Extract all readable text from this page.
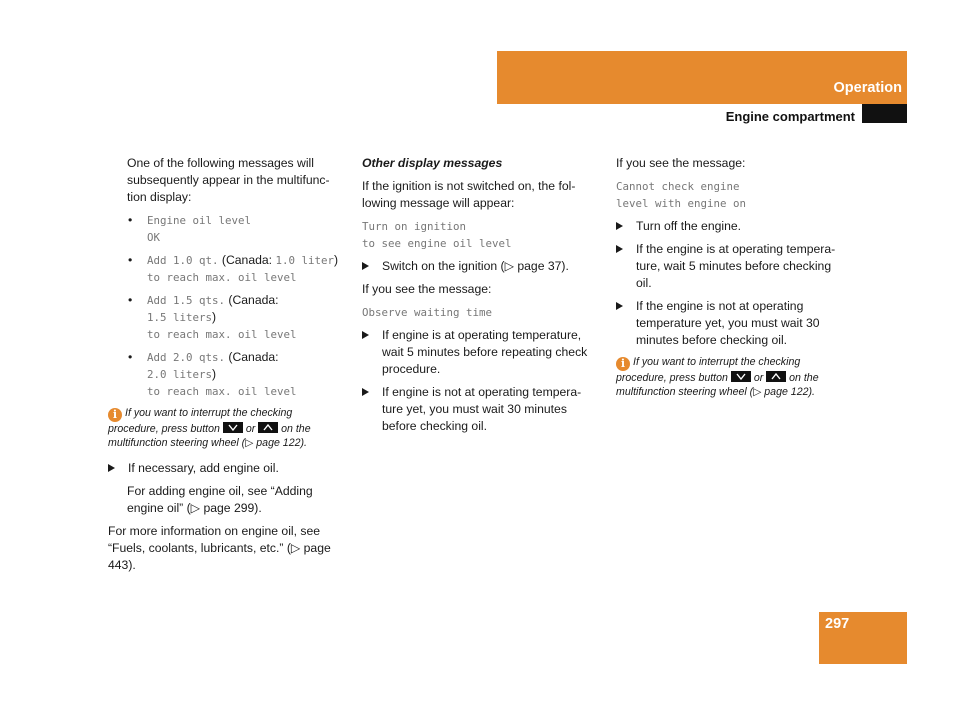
Operation
Engine compartment

One of the following messages will subsequently appear in the multifunc-tion display:

• Engine oil level
OK
• Add 1.0 qt. (Canada: 1.0 liter)
to reach max. oil level
• Add 1.5 qts. (Canada:
1.5 liters)
to reach max. oil level
• Add 2.0 qts. (Canada:
2.0 liters)
to reach max. oil level
i If you want to interrupt the checking procedure, press button or on the multifunction steering wheel (▷ page 122).
If necessary, add engine oil.

For adding engine oil, see “Adding engine oil” (▷ page 299).

For more information on engine oil, see “Fuels, coolants, lubricants, etc.” (▷ page 443).

Other display messages

If the ignition is not switched on, the fol-lowing message will appear:

Turn on ignition
to see engine oil level
Switch on the ignition (▷ page 37).

If you see the message:

Observe waiting time
If engine is at operating temperature, wait 5 minutes before repeating check procedure.
If engine is not at operating tempera-ture yet, you must wait 30 minutes before checking oil.

If you see the message:

Cannot check engine
level with engine on
Turn off the engine.
If the engine is at operating tempera-ture, wait 5 minutes before checking oil.
If the engine is not at operating temperature yet, you must wait 30 minutes before checking oil.
i If you want to interrupt the checking procedure, press button or on the multifunction steering wheel (▷ page 122).
297
